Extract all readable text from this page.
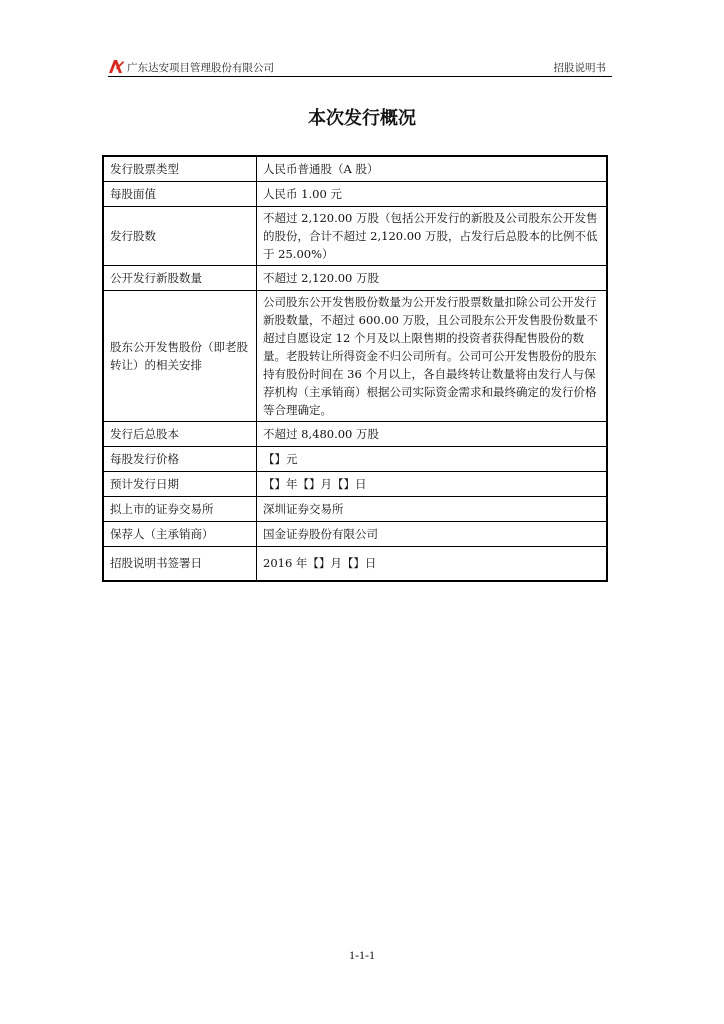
广东达安项目管理股份有限公司	招股说明书
本次发行概况
发行股票类型	人民币普通股（A 股）
每股面值	人民币 1.00 元
发行股数	不超过 2,120.00 万股（包括公开发行的新股及公司股东公开发售的股份，合计不超过 2,120.00 万股，占发行后总股本的比例不低于 25.00%）
公开发行新股数量	不超过 2,120.00 万股
股东公开发售股份（即老股转让）的相关安排	公司股东公开发售股份数量为公开发行股票数量扣除公司公开发行新股数量，不超过 600.00 万股，且公司股东公开发售股份数量不超过自愿设定 12 个月及以上限售期的投资者获得配售股份的数量。老股转让所得资金不归公司所有。公司可公开发售股份的股东持有股份时间在 36 个月以上，各自最终转让数量将由发行人与保荐机构（主承销商）根据公司实际资金需求和最终确定的发行价格等合理确定。
发行后总股本	不超过 8,480.00 万股
每股发行价格	【】元
预计发行日期	【】年【】月【】日
拟上市的证券交易所	深圳证券交易所
保荐人（主承销商）	国金证券股份有限公司
招股说明书签署日	2016 年【】月【】日
1-1-1
